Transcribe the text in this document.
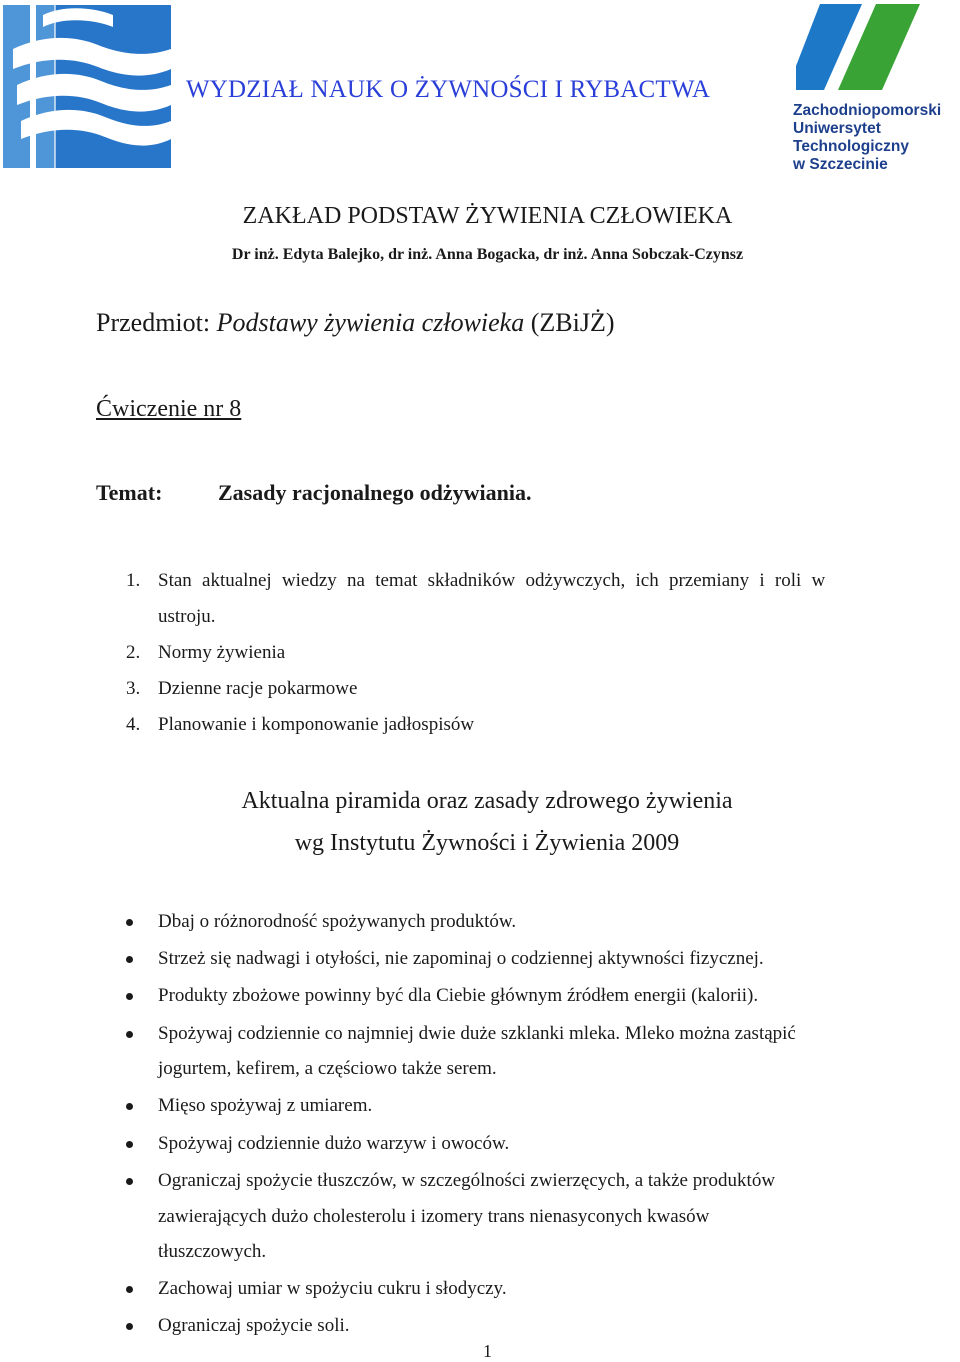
WYDZIAŁ NAUK O ŻYWNOŚCI I RYBACTWA
Zachodniopomorski
Uniwersytet
Technologiczny
w Szczecinie
ZAKŁAD PODSTAW ŻYWIENIA CZŁOWIEKA
Dr inż. Edyta Balejko, dr inż. Anna Bogacka, dr inż. Anna Sobczak-Czynsz
Przedmiot: Podstawy żywienia człowieka (ZBiJŻ)
Ćwiczenie nr 8
Temat:	Zasady racjonalnego odżywiania.
1. Stan aktualnej wiedzy na temat składników odżywczych, ich przemiany i roli w
ustroju.
2. Normy żywienia
3. Dzienne racje pokarmowe
4. Planowanie i komponowanie jadłospisów
Aktualna piramida oraz zasady zdrowego żywienia
wg Instytutu Żywności i Żywienia 2009
Dbaj o różnorodność spożywanych produktów.
Strzeż się nadwagi i otyłości, nie zapominaj o codziennej aktywności fizycznej.
Produkty zbożowe powinny być dla Ciebie głównym źródłem energii (kalorii).
Spożywaj codziennie co najmniej dwie duże szklanki mleka. Mleko można zastąpić
jogurtem, kefirem, a częściowo także serem.
Mięso spożywaj z umiarem.
Spożywaj codziennie dużo warzyw i owoców.
Ograniczaj spożycie tłuszczów, w szczególności zwierzęcych, a także produktów
zawierających dużo cholesterolu i izomery trans nienasyconych kwasów
tłuszczowych.
Zachowaj umiar w spożyciu cukru i słodyczy.
Ograniczaj spożycie soli.
1
